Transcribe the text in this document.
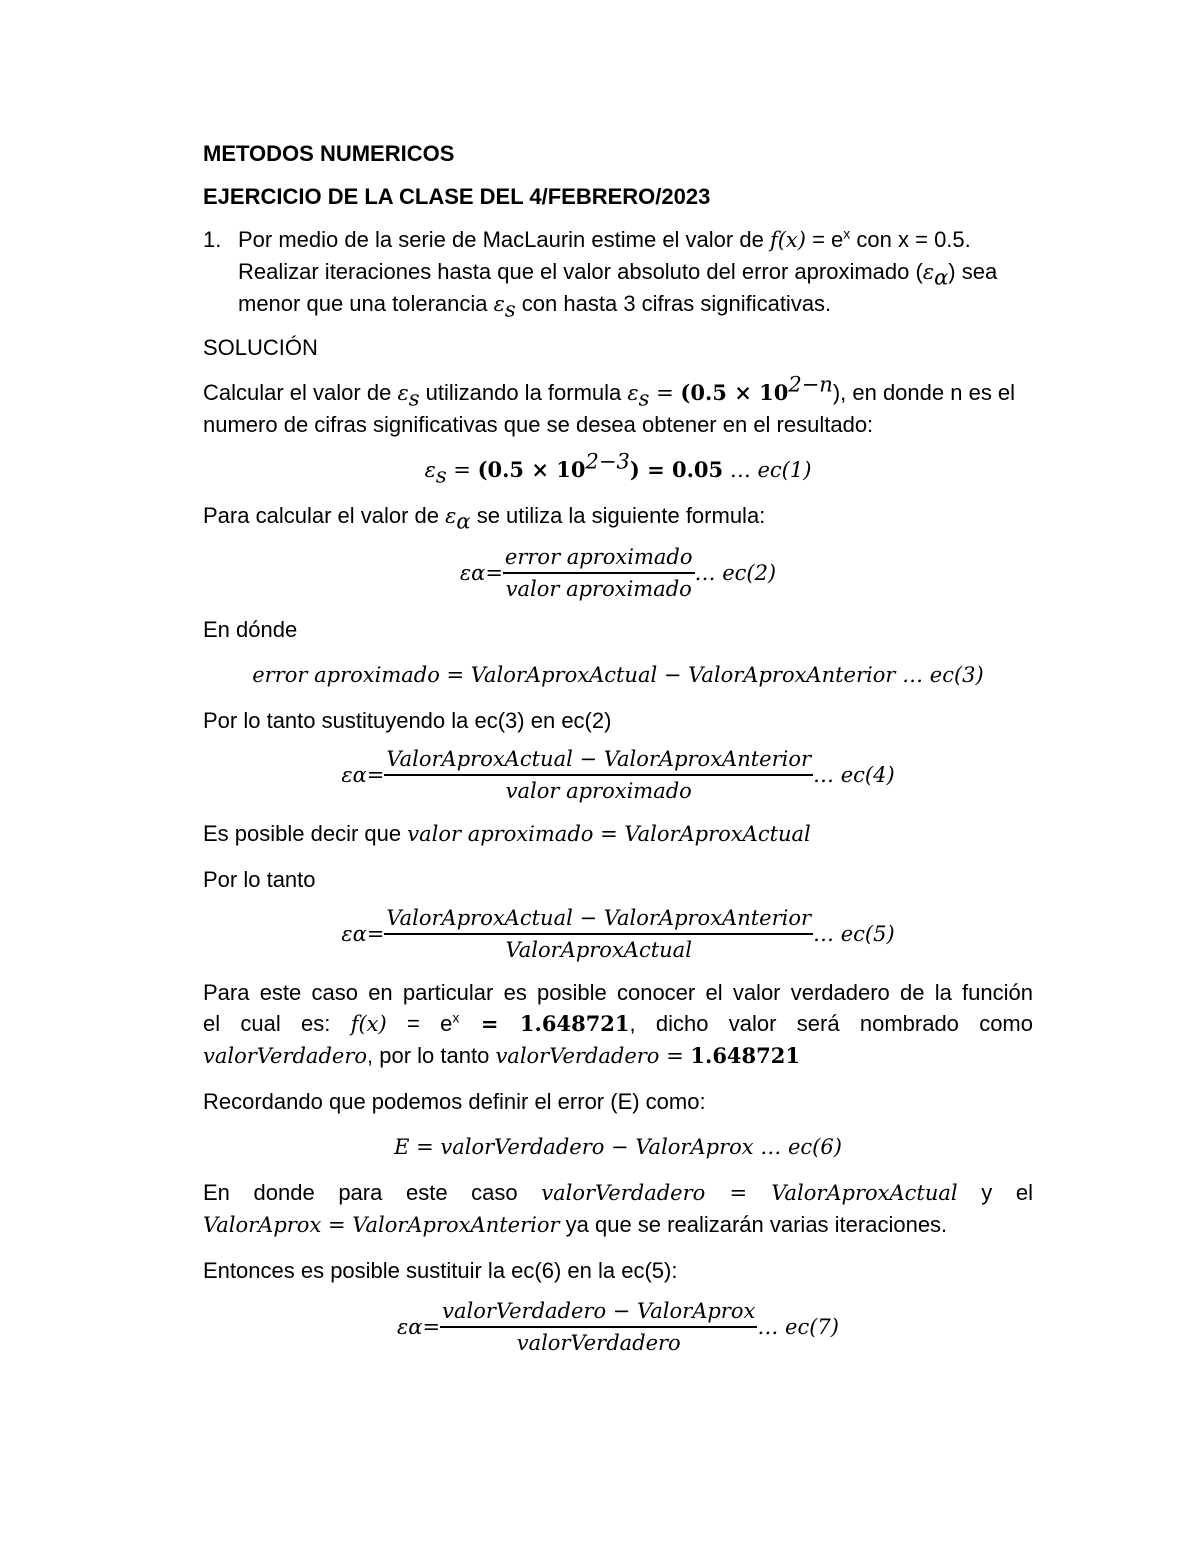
METODOS NUMERICOS

EJERCICIO DE LA CLASE DEL 4/FEBRERO/2023

1. Por medio de la serie de MacLaurin estime el valor de $f(x) = e^x$ con x = 0.5.

Realizar iteraciones hasta que el valor absoluto del error aproximado $(\varepsilon_\alpha)$ sea

menor que una tolerancia $\varepsilon_s$ con hasta 3 cifras significativas.

SOLUCIÓN

Calcular el valor de $\varepsilon_s$ utilizando la formula $\varepsilon_s = (0.5 \times 10^{2-n})$, en donde n es el

numero de cifras significativas que se desea obtener en el resultado:

$\varepsilon_s = (0.5 \times 10^{2-3}) = 0.05$ … ec(1)

Para calcular el valor de $\varepsilon_\alpha$ se utiliza la siguiente formula:

ε $\alpha = \frac{\text{error aproximado}}{\text{valor aproximado}}$ … ec(2)

En dónde

error aproximado = ValorAproxActual − ValorAproxAnterior … ec(3)

Por lo tanto sustituyendo la ec(3) en ec(2)

ε $\alpha = \frac{\text{ValorAproxActual − ValorAproxAnterior}}{\text{valor aproximado}}$ … ec(4)

Es posible decir que valor aproximado = ValorAproxActual

Por lo tanto

ε $\alpha = \frac{\text{ValorAproxActual − ValorAproxAnterior}}{\text{ValorAproxActual}}$ … ec(5)

Para este caso en particular es posible conocer el valor verdadero de la función

el cual es: $f(x) = e^x = 1.648721$, dicho valor será nombrado como

valorVerdadero, por lo tanto valorVerdadero = 1.648721

Recordando que podemos definir el error (E) como:

E = valorVerdadero − ValorAprox … ec(6)

En donde para este caso valorVerdadero = ValorAproxActual y el

ValorAprox = ValorAproxAnterior ya que se realizarán varias iteraciones.

Entonces es posible sustituir la ec(6) en la ec(5):

ε $\alpha = \frac{\text{valorVerdadero − ValorAprox}}{\text{valorVerdadero}}$ … ec(7)
